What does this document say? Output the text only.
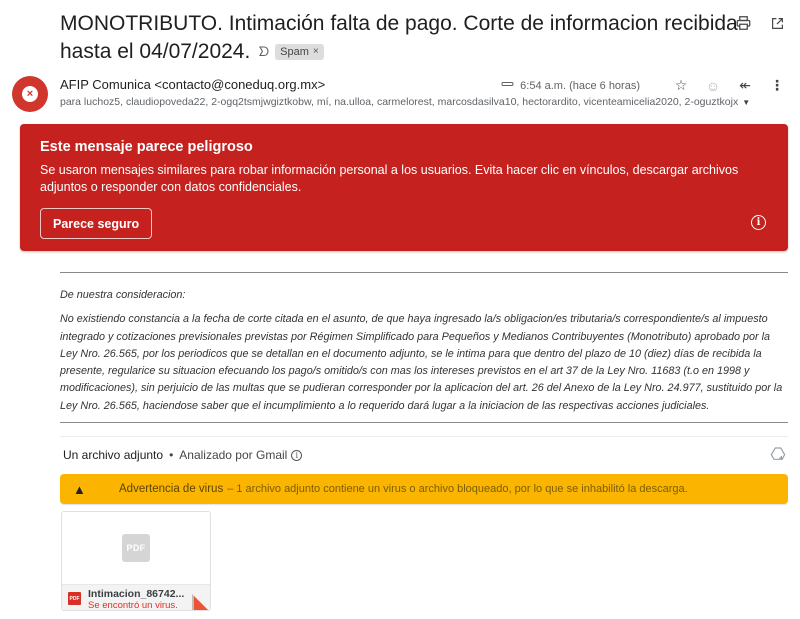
MONOTRIBUTO. Intimación falta de pago. Corte de informacion recibida hasta el 04/07/2024. ᗤ Spam ×
×
AFIP Comunica <contacto@coneduq.org.mx>
para luchoz5, claudiopoveda22, 2-ogq2tsmjwgiztkobw, mí, na.ulloa, carmelorest, marcosdasilva10, hectorardito, vicenteamicelia2020, 2-oguztkojx ▼
6:54 a.m. (hace 6 horas) ☆ ☺ ↞ ⋮
Este mensaje parece peligroso

Se usaron mensajes similares para robar información personal a los usuarios. Evita hacer clic en vínculos, descargar archivos adjuntos o responder con datos confidenciales.

Parece seguro	i
De nuestra consideracion:
No existiendo constancia a la fecha de corte citada en el asunto, de que haya ingresado la/s obligacion/es tributaria/s correspondiente/s al impuesto integrado y cotizaciones previsionales previstas por Régimen Simplificado para Pequeños y Medianos Contribuyentes (Monotributo) aprobado por la Ley Nro. 26.565, por los periodicos que se detallan en el documento adjunto, se le intima para que dentro del plazo de 10 (diez) días de recibida la presente, regularice su situacion efecuando los pago/s omitido/s con mas los intereses previstos en el art 37 de la Ley Nro. 11683 (t.o en 1998 y modificaciones), sin perjuicio de las multas que se pudieran corresponder por la aplicacion del art. 26 del Anexo de la Ley Nro. 24.977, sustituido por la Ley Nro. 26.565, haciendose saber que el incumplimiento a lo requerido dará lugar a la iniciacion de las respectivas acciones judiciales.
Un archivo adjunto • Analizado por Gmail	i
▲	Advertencia de virus – 1 archivo adjunto contiene un virus o archivo bloqueado, por lo que se inhabilitó la descarga.
PDF
PDF Intimacion_86742...
Se encontró un virus.
